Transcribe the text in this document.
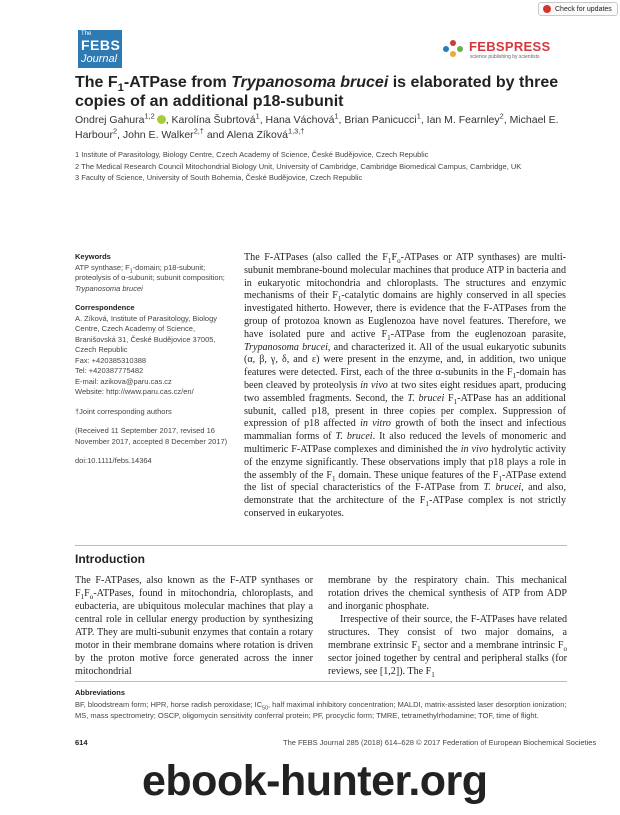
Check for updates
The
FEBS
Journal
FEBSPRESS
science publishing by scientists
The $F_1$-ATPase from Trypanosoma brucei is elaborated by three copies of an additional p18-subunit
Ondrej Gahura$^{1,2}$ , Karolína Šubrtová$^1$, Hana Váchová$^1$, Brian Panicucci$^1$, Ian M. Fearnley$^2$, Michael E. Harbour$^2$, John E. Walker$^{2,\dagger}$ and Alena Zíková$^{1,3,\dagger}$
1 Institute of Parasitology, Biology Centre, Czech Academy of Science, České Budějovice, Czech Republic
2 The Medical Research Council Mitochondrial Biology Unit, University of Cambridge, Cambridge Biomedical Campus, Cambridge, UK
3 Faculty of Science, University of South Bohemia, České Budějovice, Czech Republic
Keywords
ATP synthase; $F_1$-domain; p18-subunit; proteolysis of α-subunit; subunit composition; Trypanosoma brucei
Correspondence
A. Zíková, Institute of Parasitology, Biology
Centre, Czech Academy of Science,
Branišovská 31, České Budějovice 37005,
Czech Republic
Fax: +420385310388
Tel: +420387775482
E-mail: azikova@paru.cas.cz
Website: http://www.paru.cas.cz/en/
†Joint corresponding authors
(Received 11 September 2017, revised 16 November 2017, accepted 8 December 2017)
doi:10.1111/febs.14364

The F-ATPases (also called the $F_1F_o$-ATPases or ATP synthases) are multi-subunit membrane-bound molecular machines that produce ATP in bacteria and in eukaryotic mitochondria and chloroplasts. The structures and enzymic mechanisms of their $F_1$-catalytic domains are highly conserved in all species investigated hitherto. However, there is evidence that the F-ATPases from the group of protozoa known as Euglenozoa have novel features. Therefore, we have isolated pure and active $F_1$-ATPase from the euglenozoan parasite, Trypanosoma brucei, and characterized it. All of the usual eukaryotic subunits (α, β, γ, δ, and ε) were present in the enzyme, and, in addition, two unique features were detected. First, each of the three α-subunits in the $F_1$-domain has been cleaved by proteolysis in vivo at two sites eight residues apart, producing two assembled fragments. Second, the T. brucei $F_1$-ATPase has an additional subunit, called p18, present in three copies per complex. Suppression of expression of p18 affected in vitro growth of both the insect and infectious mammalian forms of T. brucei. It also reduced the levels of monomeric and multimeric F-ATPase complexes and diminished the in vivo hydrolytic activity of the enzyme significantly. These observations imply that p18 plays a role in the assembly of the $F_1$ domain. These unique features of the $F_1$-ATPase extend the list of special characteristics of the F-ATPase from T. brucei, and also, demonstrate that the architecture of the $F_1$-ATPase complex is not strictly conserved in eukaryotes.

Introduction

The F-ATPases, also known as the F-ATP synthases or $F_1F_o$-ATPases, found in mitochondria, chloroplasts, and eubacteria, are ubiquitous molecular machines that play a central role in cellular energy production by synthesizing ATP. They are multi-subunit enzymes that contain a rotary motor in their membrane domains where rotation is driven by the proton motive force generated across the inner mitochondrial

membrane by the respiratory chain. This mechanical rotation drives the chemical synthesis of ATP from ADP and inorganic phosphate.

Irrespective of their source, the F-ATPases have related structures. They consist of two major domains, a membrane extrinsic $F_1$ sector and a membrane intrinsic $F_o$ sector joined together by central and peripheral stalks (for reviews, see [1,2]). The $F_1$

Abbreviations
BF, bloodstream form; HPR, horse radish peroxidase; $IC_{50}$, half maximal inhibitory concentration; MALDI, matrix-assisted laser desorption ionization; MS, mass spectrometry; OSCP, oligomycin sensitivity conferral protein; PF, procyclic form; TMRE, tetramethylrhodamine; TOF, time of flight.
614	The FEBS Journal 285 (2018) 614–628 © 2017 Federation of European Biochemical Societies
ebook-hunter.org
